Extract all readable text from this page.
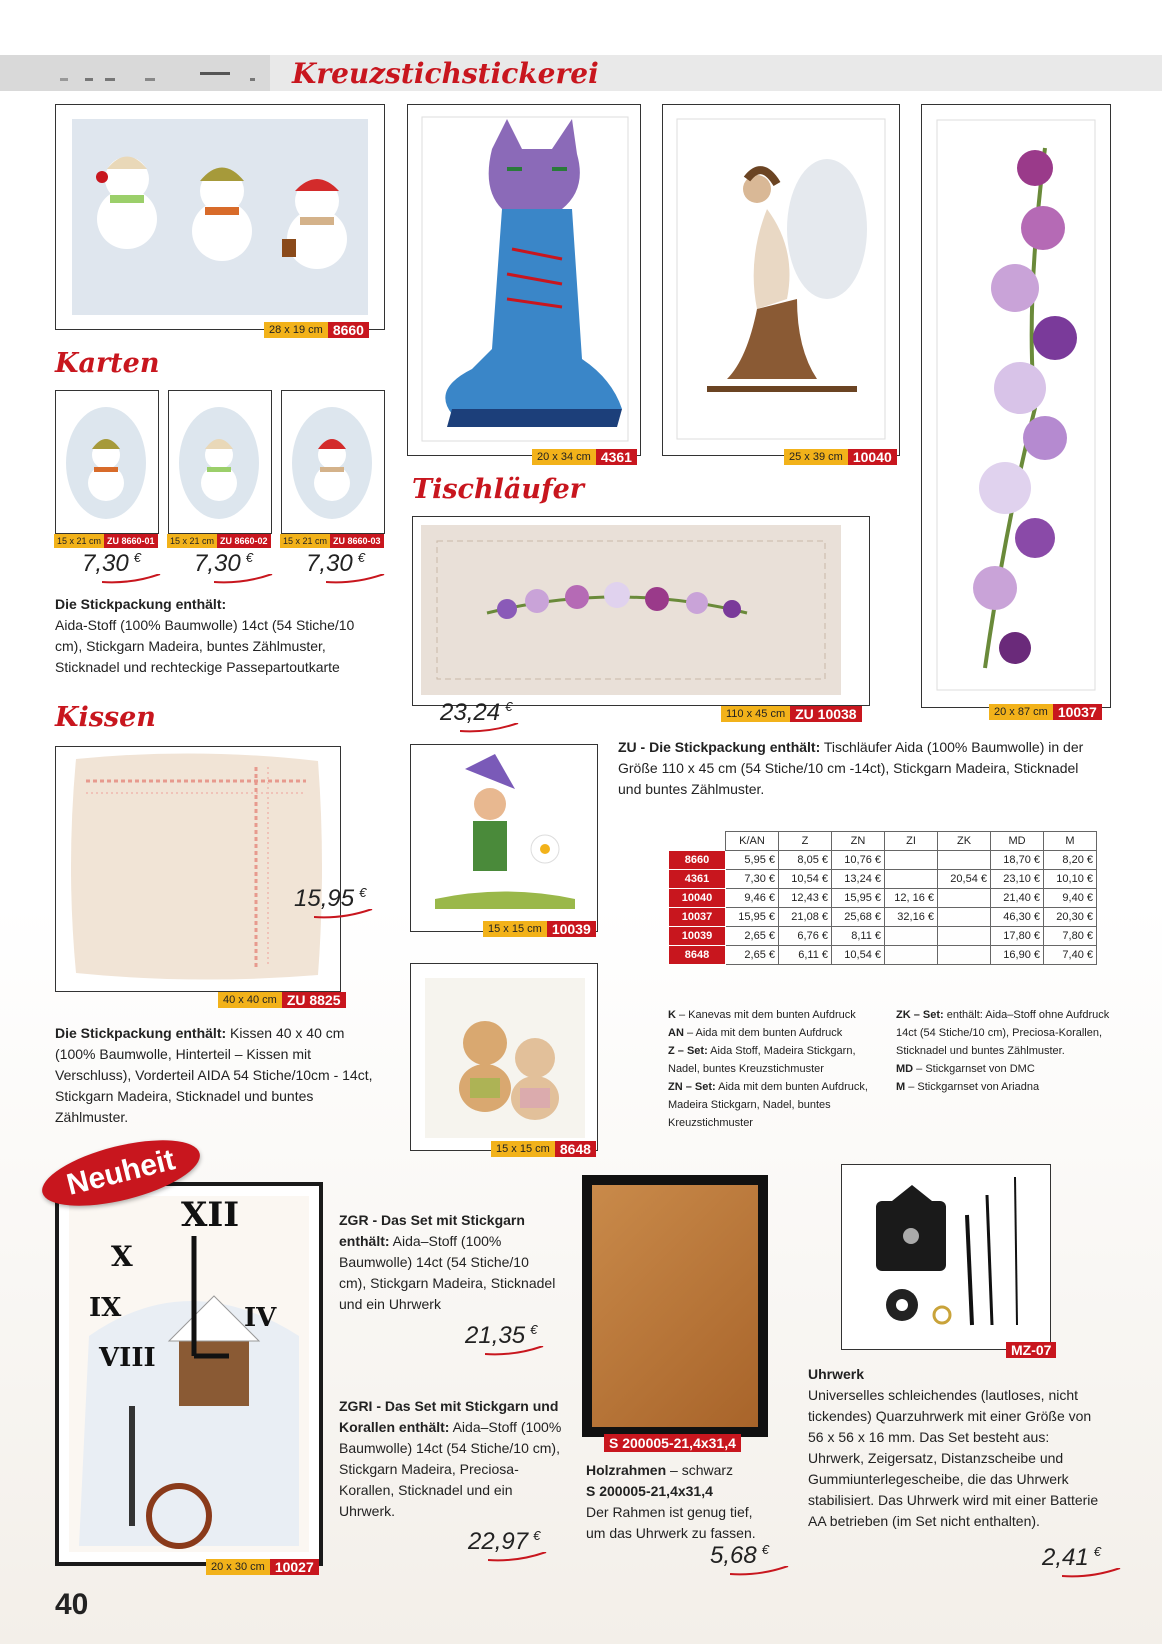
Kreuzstichstickerei
28 x 19 cm 8660
Karten
15 x 21 cm ZU 8660-01	15 x 21 cm ZU 8660-02	15 x 21 cm ZU 8660-03
7,30 € 7,30 € 7,30 €
Die Stickpackung enthält:
Aida-Stoff (100% Baumwolle) 14ct (54 Stiche/10 cm), Stickgarn Madeira, buntes Zählmuster, Sticknadel und rechteckige Passepartoutkarte
Kissen
15,95 €
40 x 40 cm ZU 8825
Die Stickpackung enthält: Kissen 40 x 40 cm (100% Baumwolle, Hinterteil – Kissen mit Verschluss), Vorderteil AIDA 54 Stiche/10cm - 14ct, Stickgarn Madeira, Sticknadel und buntes Zählmuster.
20 x 34 cm 4361	25 x 39 cm 10040
20 x 87 cm 10037
Tischläufer
23,24 €	110 x 45 cm ZU 10038
ZU - Die Stickpackung enthält: Tischläufer Aida (100% Baumwolle) in der Größe 110 x 45 cm (54 Stiche/10 cm -14ct), Stickgarn Madeira, Sticknadel und buntes Zählmuster.
15 x 15 cm 10039
15 x 15 cm 8648
	K/AN	Z	ZN	ZI	ZK	MD	M
8660	5,95 €	8,05 €	10,76 €			18,70 €	8,20 €
4361	7,30 €	10,54 €	13,24 €		20,54 €	23,10 €	10,10 €
10040	9,46 €	12,43 €	15,95 €	12, 16 €		21,40 €	9,40 €
10037	15,95 €	21,08 €	25,68 €	32,16 €		46,30 €	20,30 €
10039	2,65 €	6,76 €	8,11 €			17,80 €	7,80 €
8648	2,65 €	6,11 €	10,54 €			16,90 €	7,40 €
K – Kanevas mit dem bunten Aufdruck
AN – Aida mit dem bunten Aufdruck
Z – Set: Aida Stoff, Madeira Stickgarn, Nadel, buntes Kreuzstichmuster
ZN – Set: Aida mit dem bunten Aufdruck, Madeira Stickgarn, Nadel, buntes Kreuzstichmuster
ZK – Set: enthält: Aida–Stoff ohne Aufdruck 14ct (54 Stiche/10 cm), Preciosa-Korallen, Sticknadel und buntes Zählmuster.
MD – Stickgarnset von DMC
M – Stickgarnset von Ariadna
XII
X
IX
VIII
IV
Neuheit
20 x 30 cm 10027
ZGR - Das Set mit Stickgarn enthält: Aida–Stoff (100% Baumwolle) 14ct (54 Stiche/10 cm), Stickgarn Madeira, Sticknadel und ein Uhrwerk
21,35 €
ZGRI - Das Set mit Stickgarn und Korallen enthält: Aida–Stoff (100% Baumwolle) 14ct (54 Stiche/10 cm), Stickgarn Madeira, Preciosa-Korallen, Sticknadel und ein Uhrwerk.
22,97 €
S 200005-21,4x31,4
Holzrahmen – schwarz
S 200005-21,4x31,4
Der Rahmen ist genug tief, um das Uhrwerk zu fassen.
5,68 €
MZ-07
Uhrwerk
Universelles schleichendes (lautloses, nicht tickendes) Quarzuhrwerk mit einer Größe von 56 x 56 x 16 mm. Das Set besteht aus: Uhrwerk, Zeigersatz, Distanzscheibe und Gummiunterlegescheibe, die das Uhrwerk stabilisiert. Das Uhrwerk wird mit einer Batterie AA betrieben (im Set nicht enthalten).
2,41 €
40
